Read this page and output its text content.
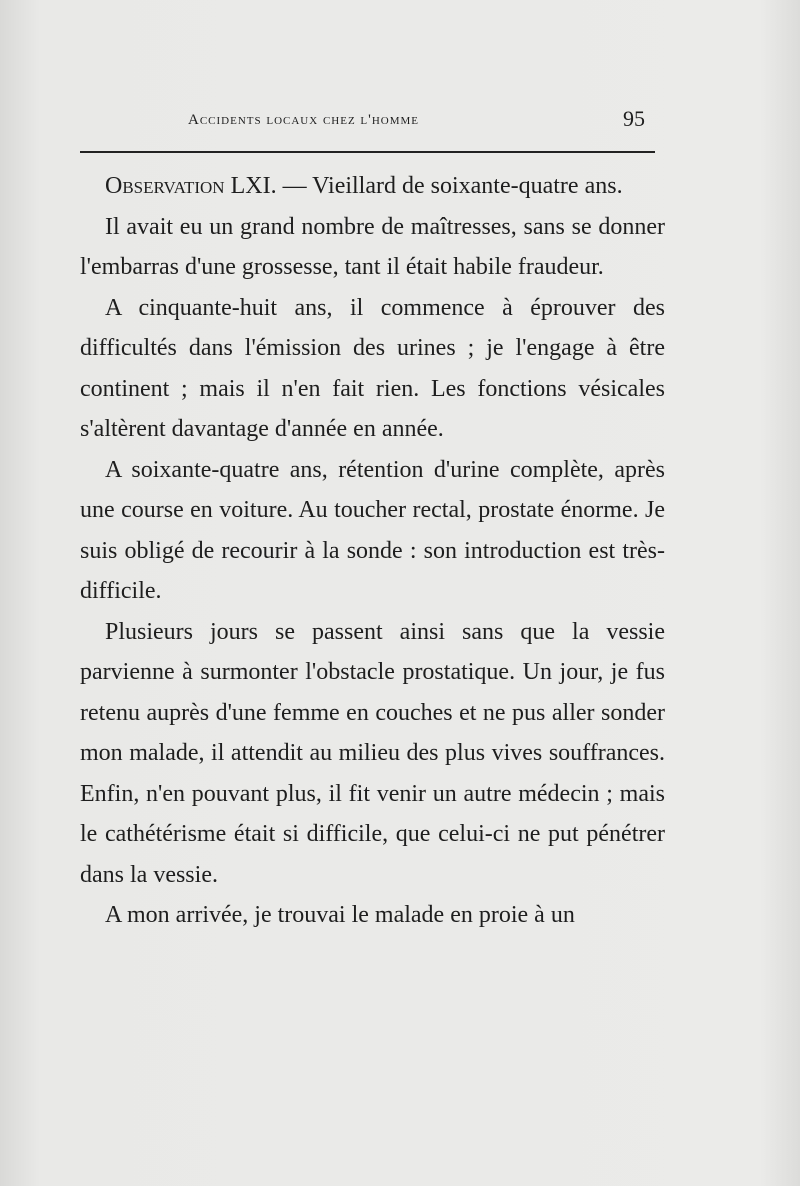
Accidents locaux chez l'homme	95

Observation LXI. — Vieillard de soixante-quatre ans.

Il avait eu un grand nombre de maîtresses, sans se donner l'embarras d'une grossesse, tant il était habile fraudeur.

A cinquante-huit ans, il commence à éprouver des difficultés dans l'émission des urines ; je l'engage à être continent ; mais il n'en fait rien. Les fonctions vésicales s'altèrent davantage d'année en année.

A soixante-quatre ans, rétention d'urine complète, après une course en voiture. Au toucher rectal, prostate énorme. Je suis obligé de recourir à la sonde : son introduction est très-difficile.

Plusieurs jours se passent ainsi sans que la vessie parvienne à surmonter l'obstacle prostatique. Un jour, je fus retenu auprès d'une femme en couches et ne pus aller sonder mon malade, il attendit au milieu des plus vives souffrances. Enfin, n'en pouvant plus, il fit venir un autre médecin ; mais le cathétérisme était si difficile, que celui-ci ne put pénétrer dans la vessie.

A mon arrivée, je trouvai le malade en proie à un
